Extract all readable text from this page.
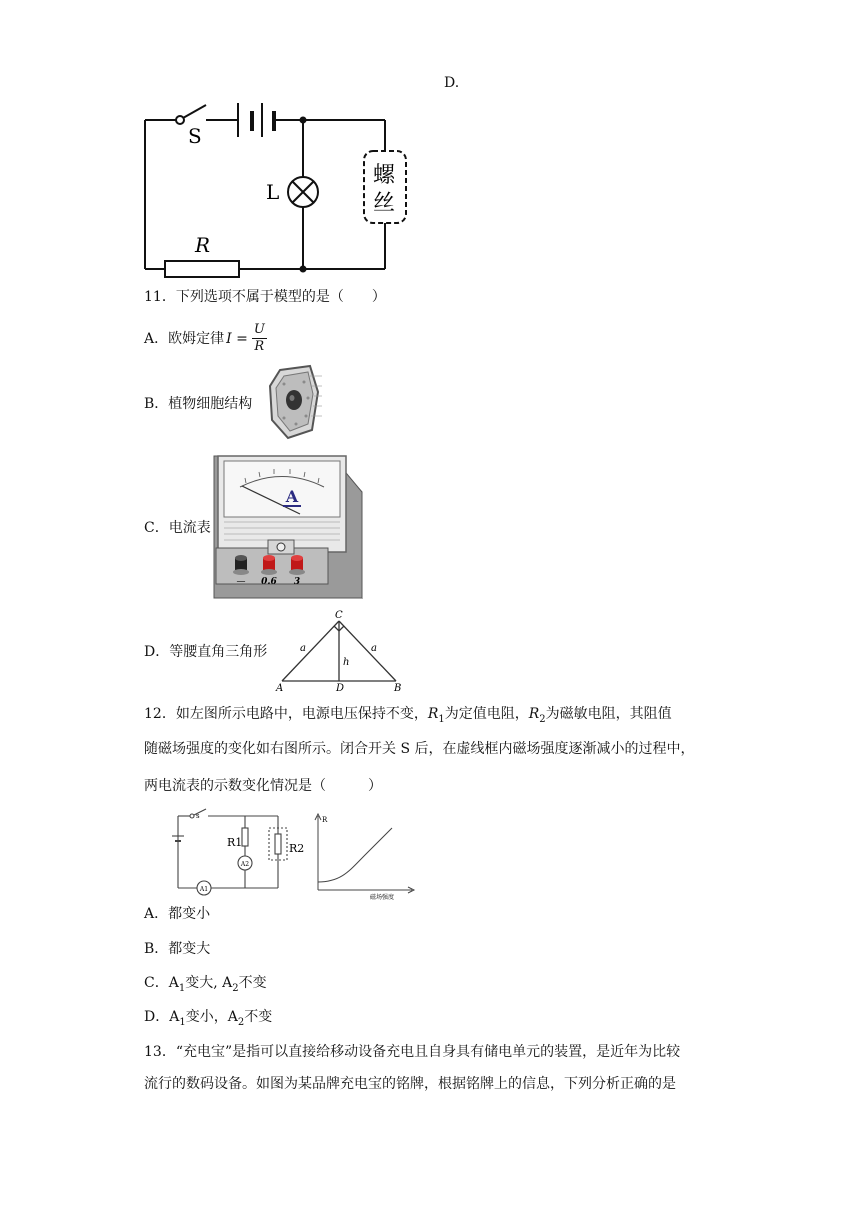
D.
S
L
R
螺
丝
11．下列选项不属于模型的是（　　）
A．欧姆定律 $I = \frac{U}{R}$
B．植物细胞结构
C．电流表
A
— 0.6 3
D．等腰直角三角形
C
A	B
D
a	a
h
12．如左图所示电路中，电源电压保持不变，$R_1$为定值电阻，$R_2$为磁敏电阻，其阻值
随磁场强度的变化如右图所示。闭合开关 S 后，在虚线框内磁场强度逐渐减小的过程中，
两电流表的示数变化情况是（　　　）
s
R1
A2
R2
A1
R
磁场强度
A．都变小
B．都变大
C．$A_1$变大, $A_2$不变
D．$A_1$变小，$A_2$不变
13．“充电宝”是指可以直接给移动设备充电且自身具有储电单元的装置，是近年为比较
流行的数码设备。如图为某品牌充电宝的铭牌，根据铭牌上的信息，下列分析正确的是
